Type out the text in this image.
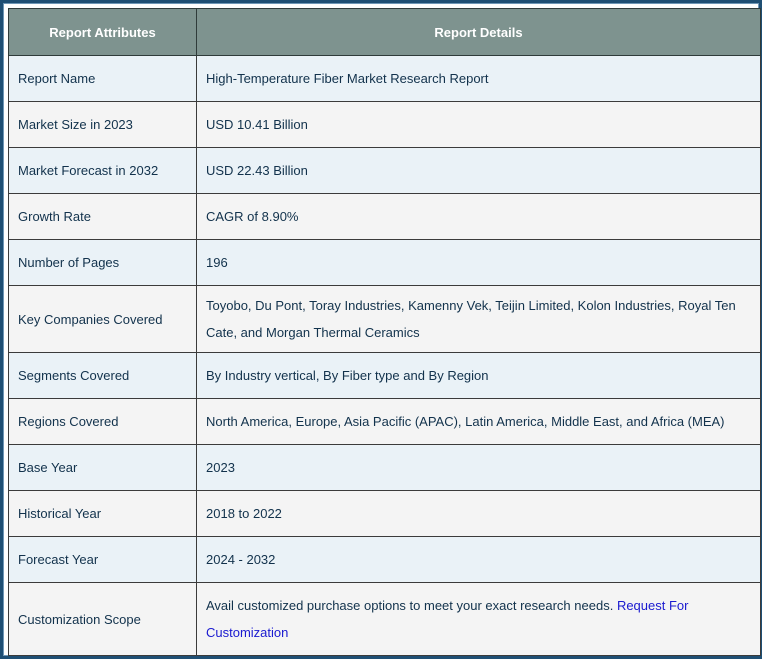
Report Attributes	Report Details
Report Name	High-Temperature Fiber Market Research Report
Market Size in 2023	USD 10.41 Billion
Market Forecast in 2032	USD 22.43 Billion
Growth Rate	CAGR of 8.90%
Number of Pages	196
Key Companies Covered	Toyobo, Du Pont, Toray Industries, Kamenny Vek, Teijin Limited, Kolon Industries, Royal Ten Cate, and Morgan Thermal Ceramics
Segments Covered	By Industry vertical, By Fiber type and By Region
Regions Covered	North America, Europe, Asia Pacific (APAC), Latin America, Middle East, and Africa (MEA)
Base Year	2023
Historical Year	2018 to 2022
Forecast Year	2024 - 2032
Customization Scope	Avail customized purchase options to meet your exact research needs. Request For Customization
